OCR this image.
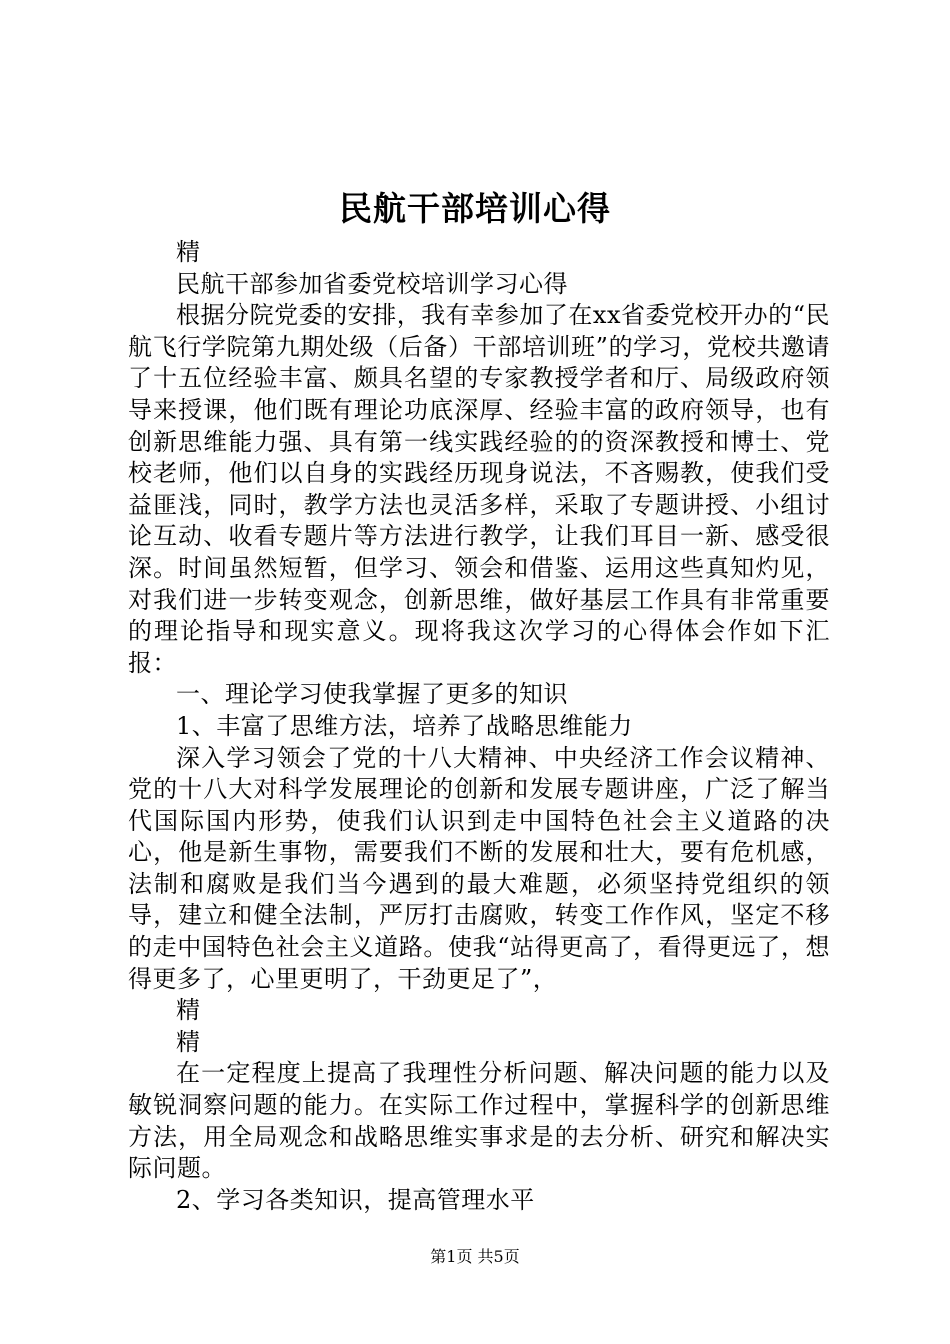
民航干部培训心得

精

民航干部参加省委党校培训学习心得

根据分院党委的安排，我有幸参加了在xx省委党校开办的“民航飞行学院第九期处级（后备）干部培训班”的学习，党校共邀请了十五位经验丰富、颇具名望的专家教授学者和厅、局级政府领导来授课，他们既有理论功底深厚、经验丰富的政府领导，也有创新思维能力强、具有第一线实践经验的的资深教授和博士、党校老师，他们以自身的实践经历现身说法，不吝赐教，使我们受益匪浅，同时，教学方法也灵活多样，采取了专题讲授、小组讨论互动、收看专题片等方法进行教学，让我们耳目一新、感受很深。时间虽然短暂，但学习、领会和借鉴、运用这些真知灼见，对我们进一步转变观念，创新思维，做好基层工作具有非常重要的理论指导和现实意义。现将我这次学习的心得体会作如下汇报：

一、理论学习使我掌握了更多的知识

1、丰富了思维方法，培养了战略思维能力

深入学习领会了党的十八大精神、中央经济工作会议精神、党的十八大对科学发展理论的创新和发展专题讲座，广泛了解当代国际国内形势，使我们认识到走中国特色社会主义道路的决心，他是新生事物，需要我们不断的发展和壮大，要有危机感，法制和腐败是我们当今遇到的最大难题，必须坚持党组织的领导，建立和健全法制，严厉打击腐败，转变工作作风，坚定不移的走中国特色社会主义道路。使我“站得更高了，看得更远了，想得更多了，心里更明了，干劲更足了”，

精

精

在一定程度上提高了我理性分析问题、解决问题的能力以及敏锐洞察问题的能力。在实际工作过程中，掌握科学的创新思维方法，用全局观念和战略思维实事求是的去分析、研究和解决实际问题。

2、学习各类知识，提高管理水平

第1页 共5页
